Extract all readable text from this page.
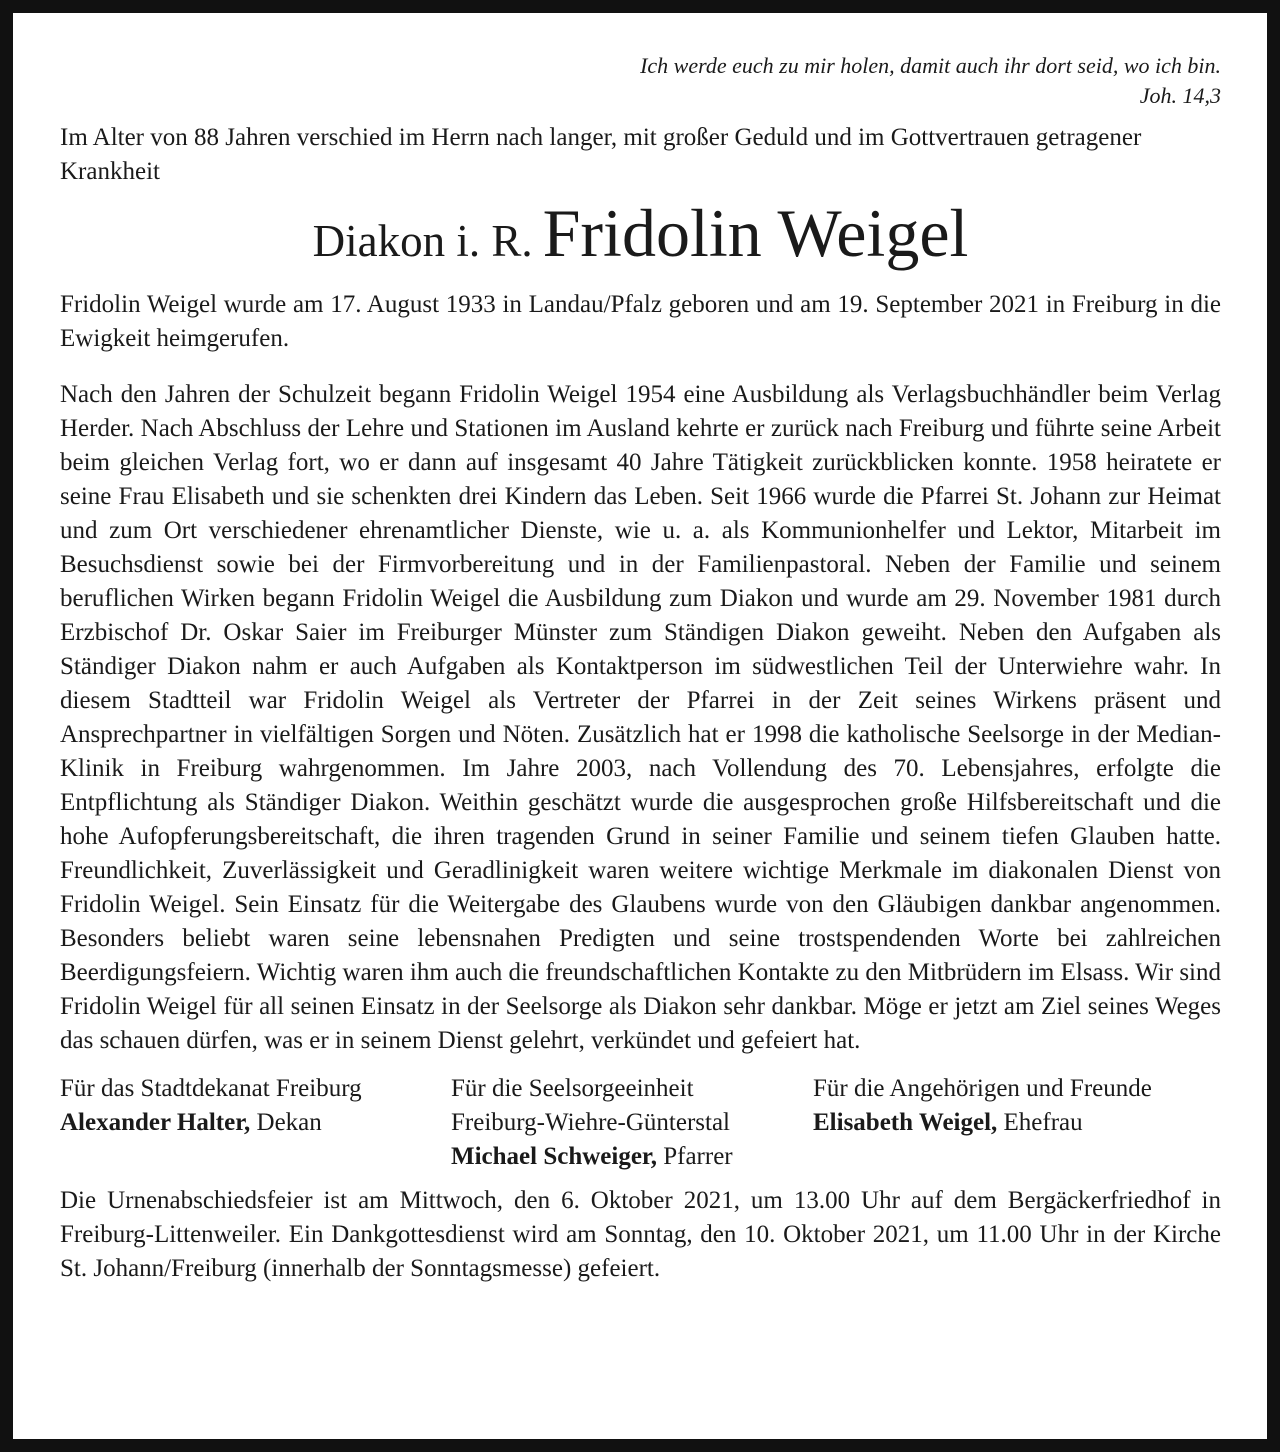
Ich werde euch zu mir holen, damit auch ihr dort seid, wo ich bin.
Joh. 14,3

Im Alter von 88 Jahren verschied im Herrn nach langer, mit großer Geduld und im Gottvertrauen getragener Krankheit

Diakon i. R. Fridolin Weigel

Fridolin Weigel wurde am 17. August 1933 in Landau/Pfalz geboren und am 19. September 2021 in Freiburg in die Ewigkeit heimgerufen.

Nach den Jahren der Schulzeit begann Fridolin Weigel 1954 eine Ausbildung als Verlagsbuchhändler beim Verlag Herder. Nach Abschluss der Lehre und Stationen im Ausland kehrte er zurück nach Freiburg und führte seine Arbeit beim gleichen Verlag fort, wo er dann auf insgesamt 40 Jahre Tätigkeit zurückblicken konnte. 1958 heiratete er seine Frau Elisabeth und sie schenkten drei Kindern das Leben. Seit 1966 wurde die Pfarrei St. Johann zur Heimat und zum Ort verschiedener ehrenamtlicher Dienste, wie u. a. als Kommunionhelfer und Lektor, Mitarbeit im Besuchsdienst sowie bei der Firmvorbereitung und in der Familienpastoral. Neben der Familie und seinem beruflichen Wirken begann Fridolin Weigel die Ausbildung zum Diakon und wurde am 29. November 1981 durch Erzbischof Dr. Oskar Saier im Freiburger Münster zum Ständigen Diakon geweiht. Neben den Aufgaben als Ständiger Diakon nahm er auch Aufgaben als Kontaktperson im südwestlichen Teil der Unterwiehre wahr. In diesem Stadtteil war Fridolin Weigel als Vertreter der Pfarrei in der Zeit seines Wirkens präsent und Ansprechpartner in vielfältigen Sorgen und Nöten. Zusätzlich hat er 1998 die katholische Seelsorge in der Median-Klinik in Freiburg wahrgenommen. Im Jahre 2003, nach Vollendung des 70. Lebensjahres, erfolgte die Entpflichtung als Ständiger Diakon. Weithin geschätzt wurde die ausgesprochen große Hilfsbereitschaft und die hohe Aufopferungsbereitschaft, die ihren tragenden Grund in seiner Familie und seinem tiefen Glauben hatte. Freundlichkeit, Zuverlässigkeit und Geradlinigkeit waren weitere wichtige Merkmale im diakonalen Dienst von Fridolin Weigel. Sein Einsatz für die Weitergabe des Glaubens wurde von den Gläubigen dankbar angenommen. Besonders beliebt waren seine lebensnahen Predigten und seine trostspendenden Worte bei zahlreichen Beerdigungsfeiern. Wichtig waren ihm auch die freundschaftlichen Kontakte zu den Mitbrüdern im Elsass. Wir sind Fridolin Weigel für all seinen Einsatz in der Seelsorge als Diakon sehr dankbar. Möge er jetzt am Ziel seines Weges das schauen dürfen, was er in seinem Dienst gelehrt, verkündet und gefeiert hat.

Für das Stadtdekanat Freiburg
Alexander Halter, Dekan
Für die Seelsorgeeinheit
Freiburg-Wiehre-Günterstal
Michael Schweiger, Pfarrer
Für die Angehörigen und Freunde
Elisabeth Weigel, Ehefrau

Die Urnenabschiedsfeier ist am Mittwoch, den 6. Oktober 2021, um 13.00 Uhr auf dem Bergäckerfriedhof in Freiburg-Littenweiler. Ein Dankgottesdienst wird am Sonntag, den 10. Oktober 2021, um 11.00 Uhr in der Kirche St. Johann/Freiburg (innerhalb der Sonntagsmesse) gefeiert.
